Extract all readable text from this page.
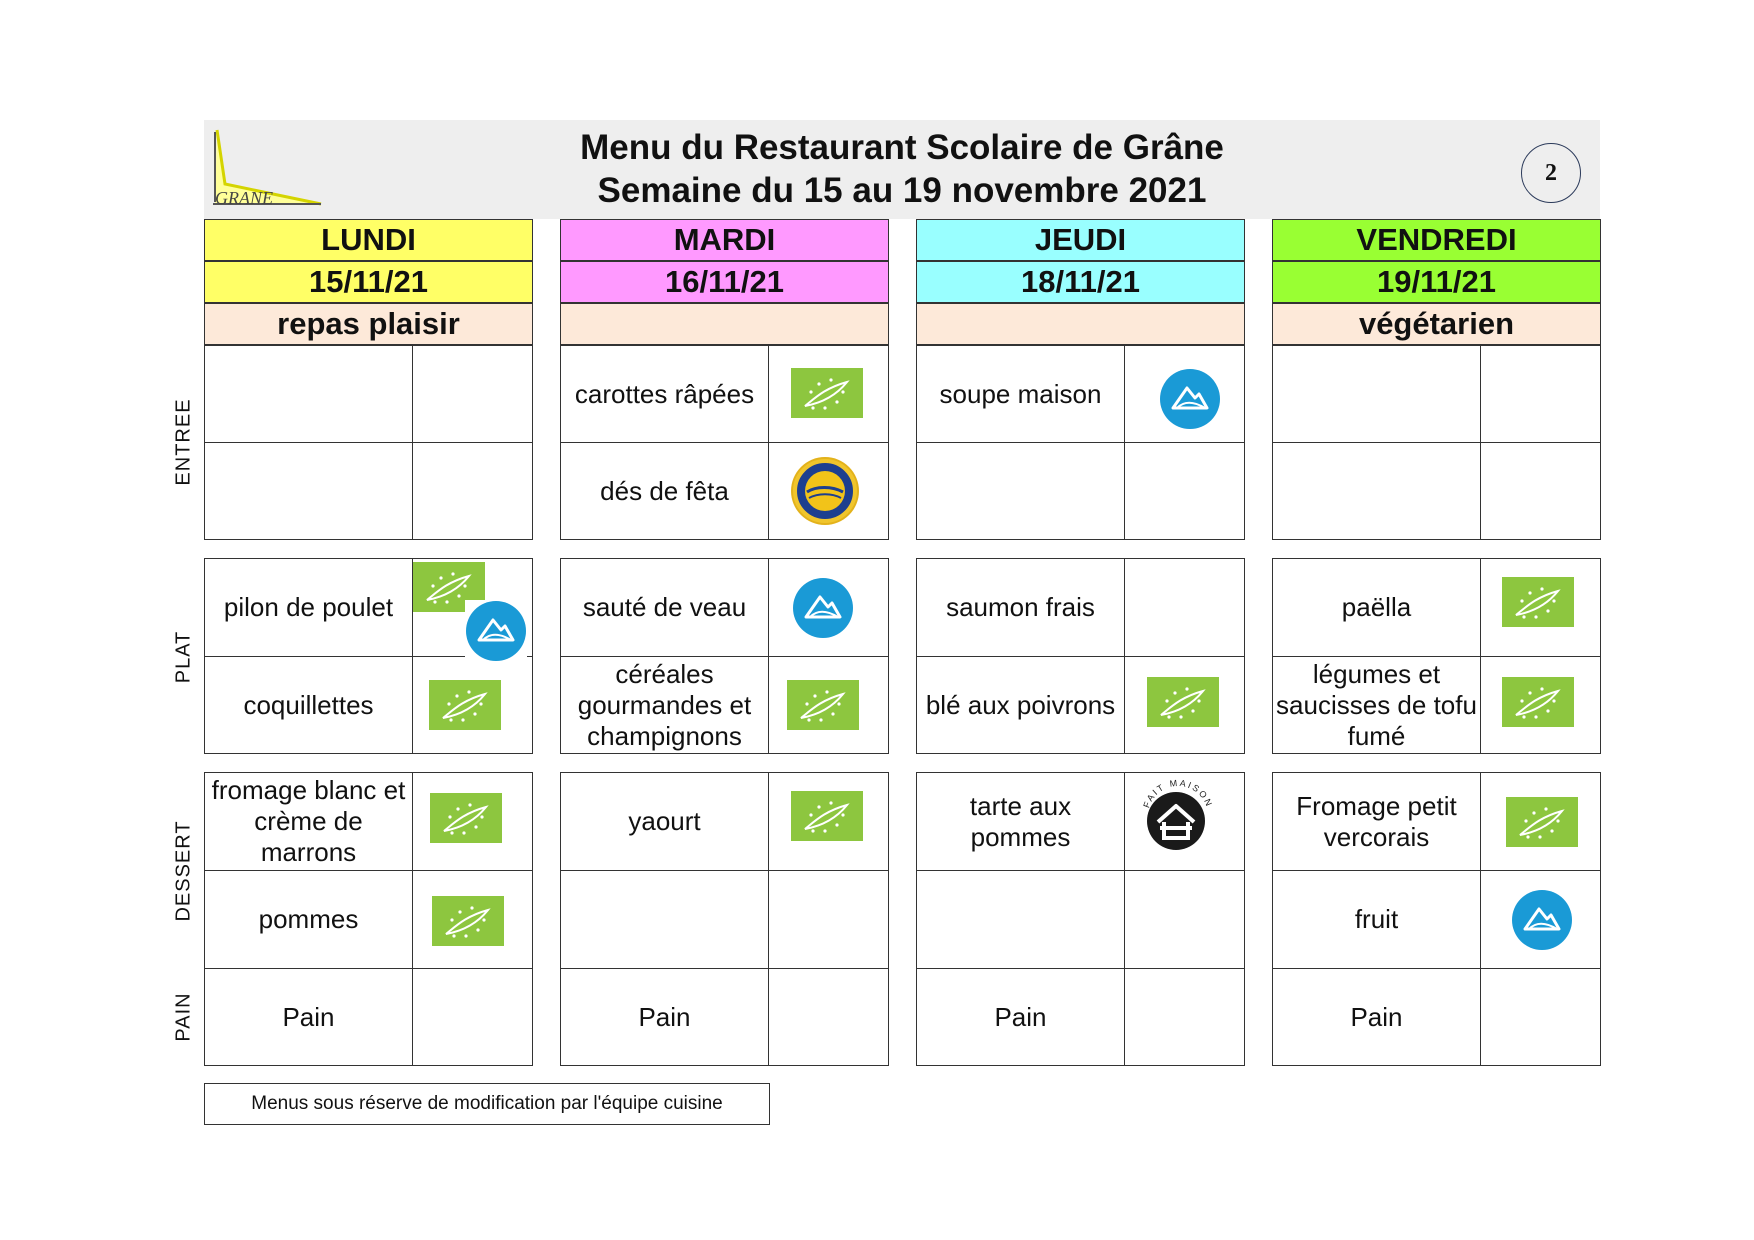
GRANE
Menu du Restaurant Scolaire de Grâne
Semaine du 15 au 19 novembre 2021	2
ENTREE
PLAT
DESSERT
PAIN
LUNDI
15/11/21
repas plaisir
MARDI
16/11/21
JEUDI
18/11/21
VENDREDI
19/11/21
végétarien
carottes râpées
dés de fêta
soupe maison
pilon de poulet
coquillettes
sauté de veau
céréales gourmandes et champignons
saumon frais
blé aux poivrons
paëlla
légumes et saucisses de tofu fumé
fromage blanc et crème de marrons
pommes
Pain
yaourt
Pain
tarte aux pommes
Pain
Fromage petit vercorais
fruit
Pain
FAIT MAISON
Menus sous réserve de modification par l'équipe cuisine
